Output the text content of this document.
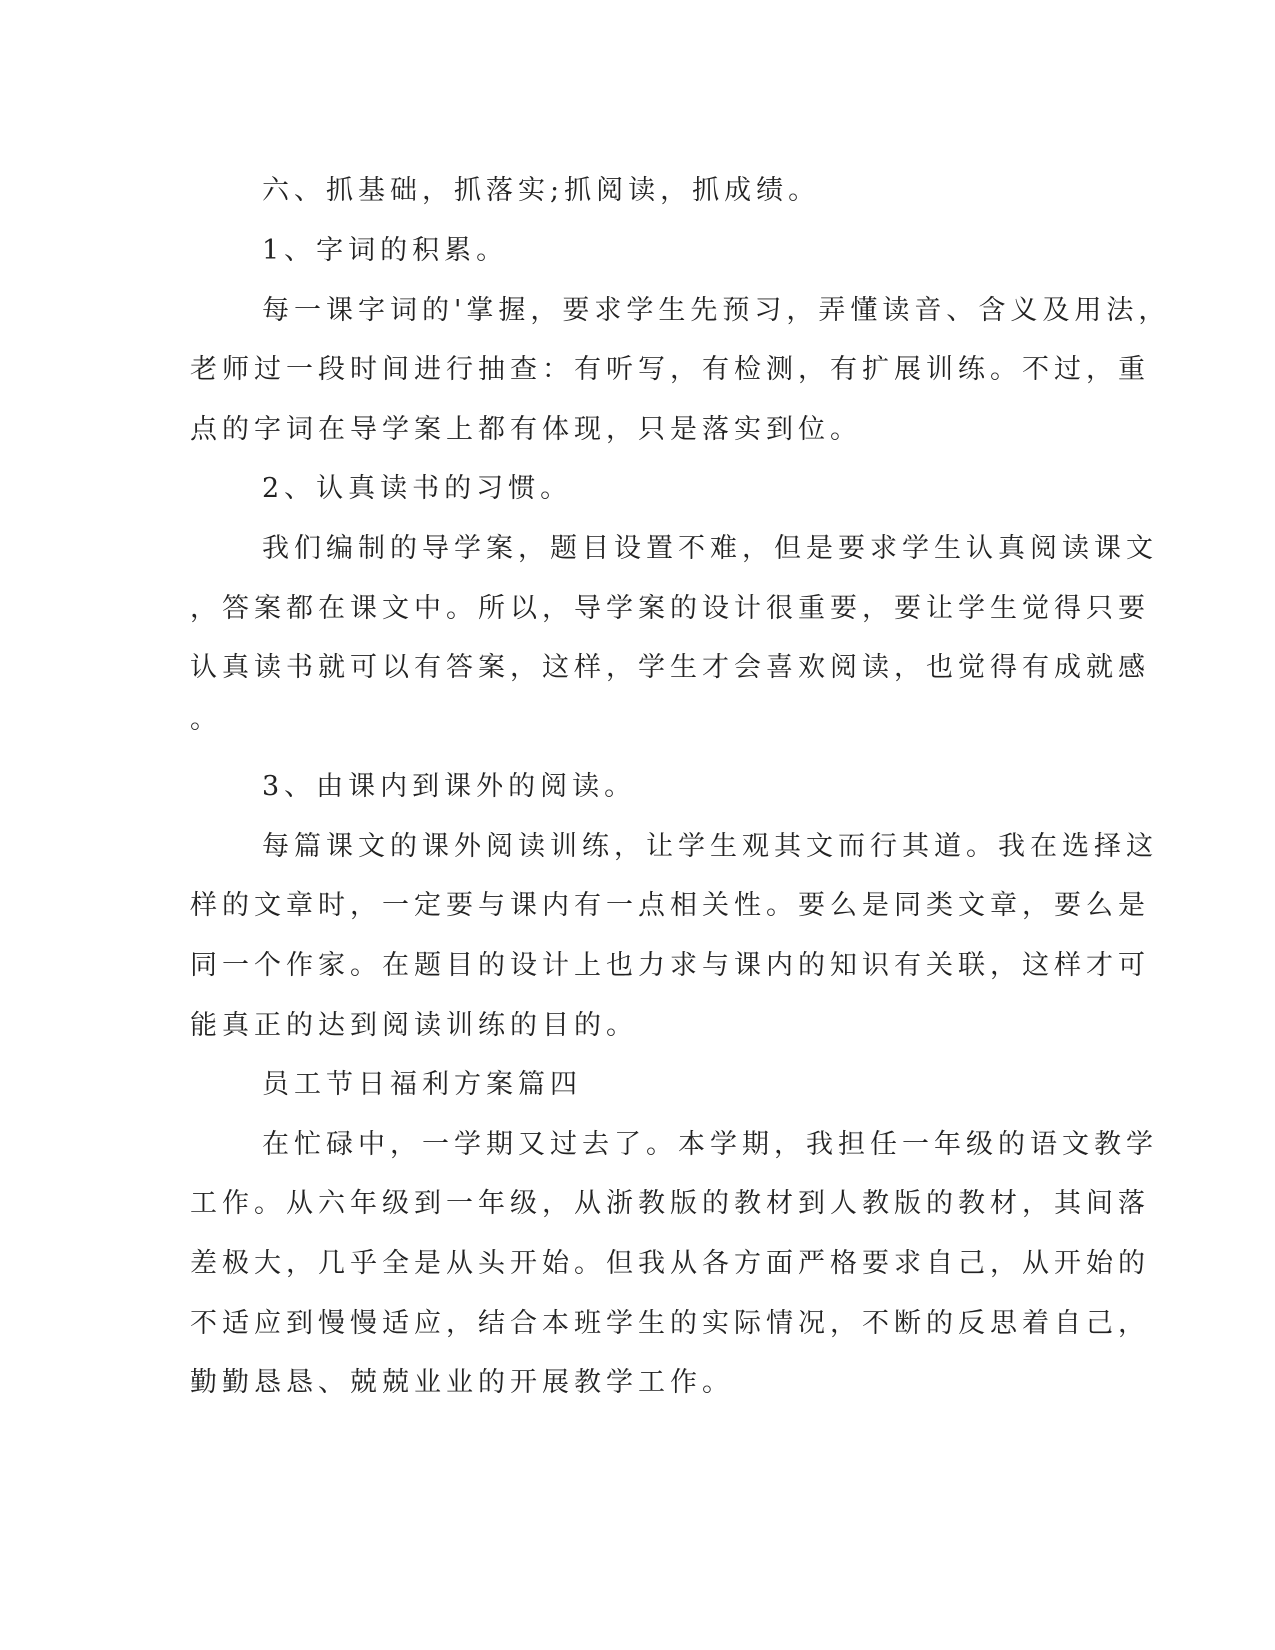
六、抓基础，抓落实;抓阅读，抓成绩。

1、字词的积累。

每一课字词的'掌握，要求学生先预习，弄懂读音、含义及用法，

老师过一段时间进行抽查：有听写，有检测，有扩展训练。不过，重

点的字词在导学案上都有体现，只是落实到位。

2、认真读书的习惯。

我们编制的导学案，题目设置不难，但是要求学生认真阅读课文

，答案都在课文中。所以，导学案的设计很重要，要让学生觉得只要

认真读书就可以有答案，这样，学生才会喜欢阅读，也觉得有成就感

。

3、由课内到课外的阅读。

每篇课文的课外阅读训练，让学生观其文而行其道。我在选择这

样的文章时，一定要与课内有一点相关性。要么是同类文章，要么是

同一个作家。在题目的设计上也力求与课内的知识有关联，这样才可

能真正的达到阅读训练的目的。

员工节日福利方案篇四

在忙碌中，一学期又过去了。本学期，我担任一年级的语文教学

工作。从六年级到一年级，从浙教版的教材到人教版的教材，其间落

差极大，几乎全是从头开始。但我从各方面严格要求自己，从开始的

不适应到慢慢适应，结合本班学生的实际情况，不断的反思着自己，

勤勤恳恳、兢兢业业的开展教学工作。
